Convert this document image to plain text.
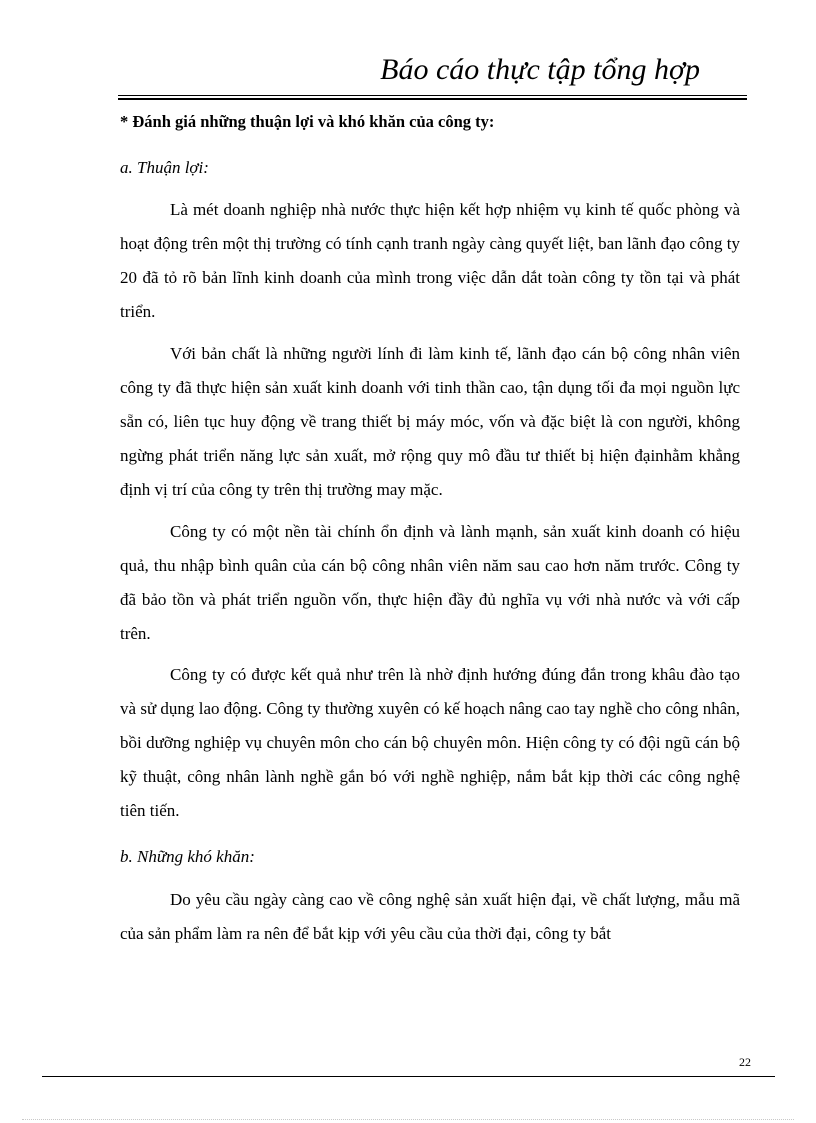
Báo cáo thực tập tổng hợp
* Đánh giá những thuận lợi và khó khăn của công ty:
a. Thuận lợi:

Là mét doanh nghiệp nhà nước thực hiện kết hợp nhiệm vụ kinh tế quốc phòng và hoạt động trên một thị trường có tính cạnh tranh ngày càng quyết liệt, ban lãnh đạo công ty 20 đã tỏ rõ bản lĩnh kinh doanh của mình trong việc dẫn dắt toàn công ty tồn tại và phát triển.

Với bản chất là những người lính đi làm kinh tế, lãnh đạo cán bộ công nhân viên công ty đã thực hiện sản xuất kinh doanh với tinh thần cao, tận dụng tối đa mọi nguồn lực sẵn có, liên tục huy động về trang thiết bị máy móc, vốn và đặc biệt là con người, không ngừng phát triển năng lực sản xuất, mở rộng quy mô đầu tư thiết bị hiện đạinhằm khẳng định vị trí của công ty trên thị trường may mặc.

Công ty có một nền tài chính ổn định và lành mạnh, sản xuất kinh doanh có hiệu quả, thu nhập bình quân của cán bộ công nhân viên năm sau cao hơn năm trước. Công ty đã bảo tồn và phát triển nguồn vốn, thực hiện đầy đủ nghĩa vụ với nhà nước và với cấp trên.

Công ty có được kết quả như trên là nhờ định hướng đúng đắn trong khâu đào tạo và sử dụng lao động. Công ty thường xuyên có kế hoạch nâng cao tay nghề cho công nhân, bồi dưỡng nghiệp vụ chuyên môn cho cán bộ chuyên môn. Hiện công ty có đội ngũ cán bộ kỹ thuật, công nhân lành nghề gắn bó với nghề nghiệp, nắm bắt kịp thời các công nghệ tiên tiến.

b. Những khó khăn:

Do yêu cầu ngày càng cao về công nghệ sản xuất hiện đại, về chất lượng, mẫu mã của sản phẩm làm ra nên để bắt kịp với yêu cầu của thời đại, công ty bắt

22
